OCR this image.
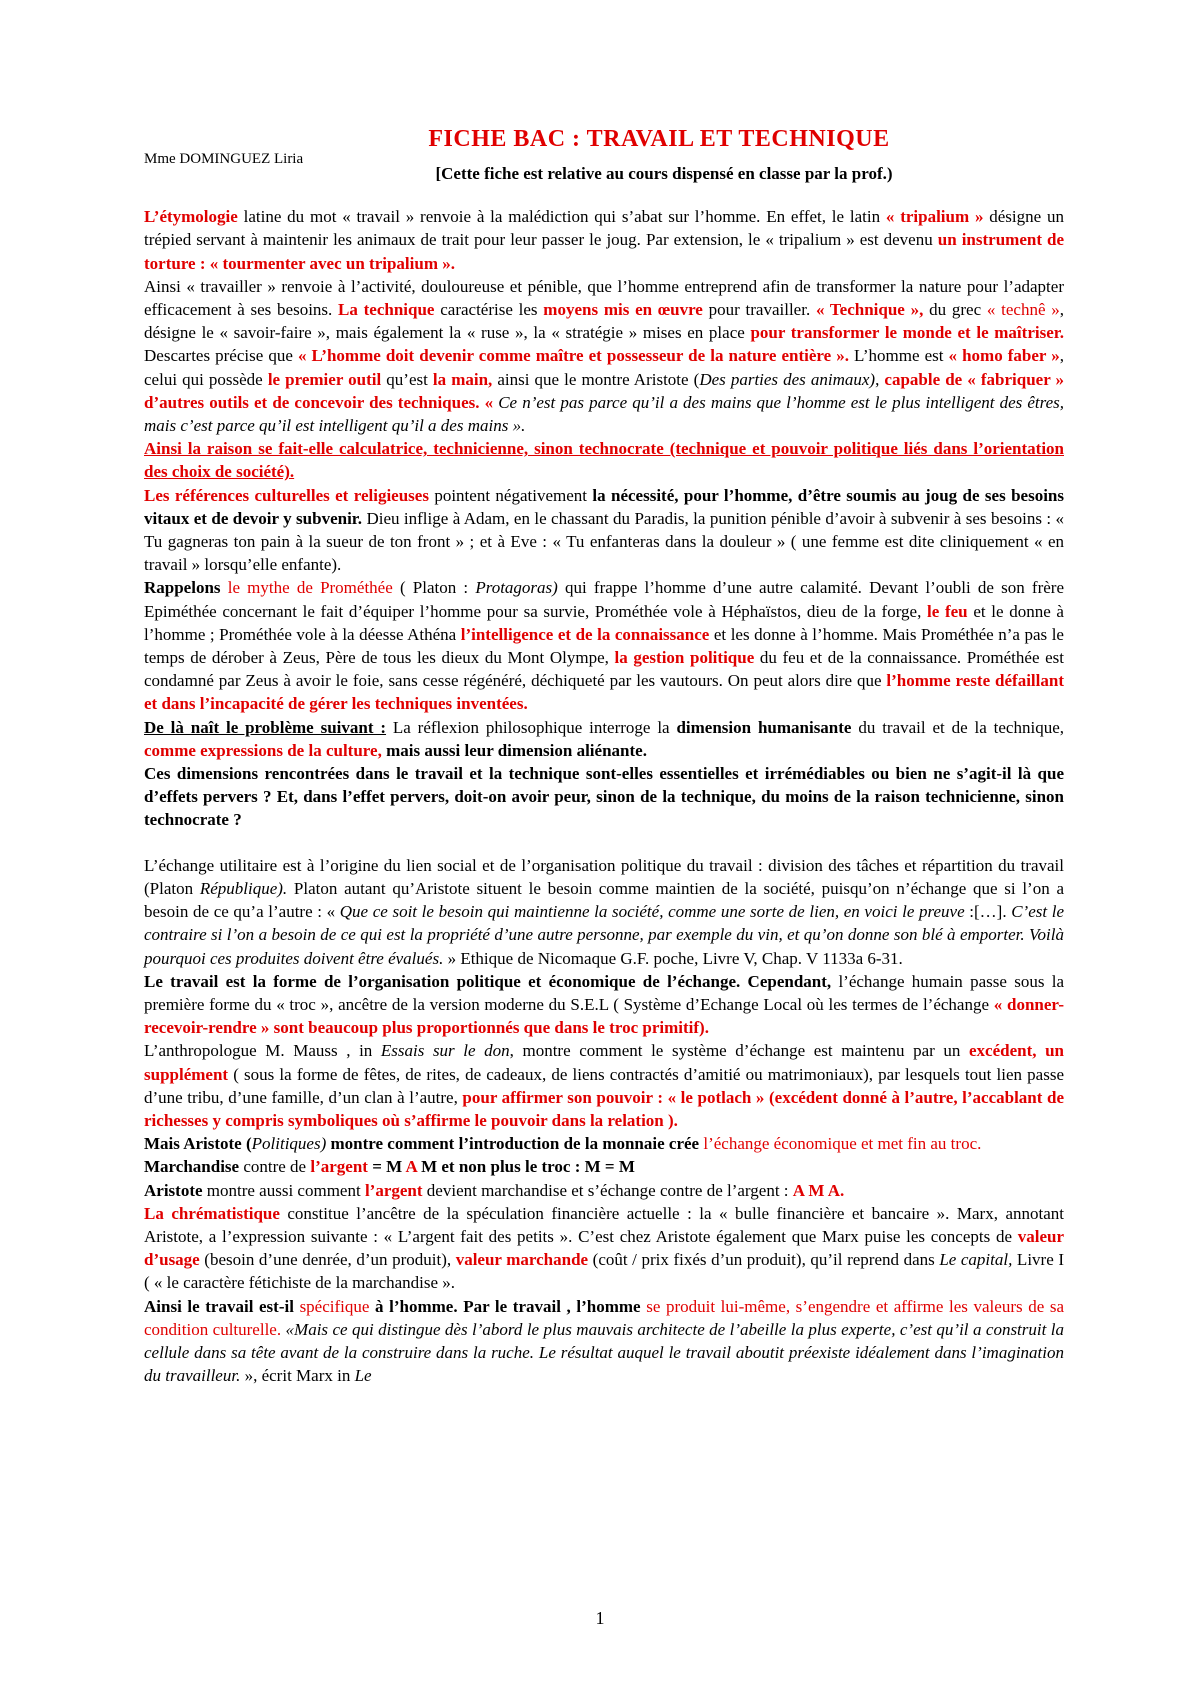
Mme DOMINGUEZ Liria
FICHE BAC : TRAVAIL ET TECHNIQUE
[Cette fiche est relative au cours dispensé en classe par la prof.)

L’étymologie latine du mot « travail » renvoie à la malédiction qui s’abat sur l’homme. En effet, le latin « tripalium » désigne un trépied servant à maintenir les animaux de trait pour leur passer le joug. Par extension, le « tripalium » est devenu un instrument de torture : « tourmenter avec un tripalium ».

Ainsi « travailler » renvoie à l’activité, douloureuse et pénible, que l’homme entreprend afin de transformer la nature pour l’adapter efficacement à ses besoins. La technique caractérise les moyens mis en œuvre pour travailler. « Technique », du grec « technê », désigne le « savoir-faire », mais également la « ruse », la « stratégie » mises en place pour transformer le monde et le maîtriser. Descartes précise que « L’homme doit devenir comme maître et possesseur de la nature entière ». L’homme est « homo faber », celui qui possède le premier outil qu’est la main, ainsi que le montre Aristote (Des parties des animaux), capable de « fabriquer » d’autres outils et de concevoir des techniques. « Ce n’est pas parce qu’il a des mains que l’homme est le plus intelligent des êtres, mais c’est parce qu’il est intelligent qu’il a des mains ».

Ainsi la raison se fait-elle calculatrice, technicienne, sinon technocrate (technique et pouvoir politique liés dans l’orientation des choix de société).

Les références culturelles et religieuses pointent négativement la nécessité, pour l’homme, d’être soumis au joug de ses besoins vitaux et de devoir y subvenir. Dieu inflige à Adam, en le chassant du Paradis, la punition pénible d’avoir à subvenir à ses besoins : « Tu gagneras ton pain à la sueur de ton front » ; et à Eve : « Tu enfanteras dans la douleur » ( une femme est dite cliniquement « en travail » lorsqu’elle enfante).

Rappelons le mythe de Prométhée ( Platon : Protagoras) qui frappe l’homme d’une autre calamité. Devant l’oubli de son frère Epiméthée concernant le fait d’équiper l’homme pour sa survie, Prométhée vole à Héphaïstos, dieu de la forge, le feu et le donne à l’homme ; Prométhée vole à la déesse Athéna l’intelligence et de la connaissance et les donne à l’homme. Mais Prométhée n’a pas le temps de dérober à Zeus, Père de tous les dieux du Mont Olympe, la gestion politique du feu et de la connaissance. Prométhée est condamné par Zeus à avoir le foie, sans cesse régénéré, déchiqueté par les vautours. On peut alors dire que l’homme reste défaillant et dans l’incapacité de gérer les techniques inventées.

De là naît le problème suivant : La réflexion philosophique interroge la dimension humanisante du travail et de la technique, comme expressions de la culture, mais aussi leur dimension aliénante.

Ces dimensions rencontrées dans le travail et la technique sont-elles essentielles et irrémédiables ou bien ne s’agit-il là que d’effets pervers ? Et, dans l’effet pervers, doit-on avoir peur, sinon de la technique, du moins de la raison technicienne, sinon technocrate ?

L’échange utilitaire est à l’origine du lien social et de l’organisation politique du travail : division des tâches et répartition du travail (Platon République). Platon autant qu’Aristote situent le besoin comme maintien de la société, puisqu’on n’échange que si l’on a besoin de ce qu’a l’autre : « Que ce soit le besoin qui maintienne la société, comme une sorte de lien, en voici le preuve :[…]. C’est le contraire si l’on a besoin de ce qui est la propriété d’une autre personne, par exemple du vin, et qu’on donne son blé à emporter. Voilà pourquoi ces produites doivent être évalués. » Ethique de Nicomaque G.F. poche, Livre V, Chap. V 1133a 6-31.

Le travail est la forme de l’organisation politique et économique de l’échange. Cependant, l’échange humain passe sous la première forme du « troc », ancêtre de la version moderne du S.E.L ( Système d’Echange Local où les termes de l’échange « donner-recevoir-rendre » sont beaucoup plus proportionnés que dans le troc primitif).

L’anthropologue M. Mauss , in Essais sur le don, montre comment le système d’échange est maintenu par un excédent, un supplément ( sous la forme de fêtes, de rites, de cadeaux, de liens contractés d’amitié ou matrimoniaux), par lesquels tout lien passe d’une tribu, d’une famille, d’un clan à l’autre, pour affirmer son pouvoir : « le potlach » (excédent donné à l’autre, l’accablant de richesses y compris symboliques où s’affirme le pouvoir dans la relation ).

Mais Aristote (Politiques) montre comment l’introduction de la monnaie crée l’échange économique et met fin au troc.

Marchandise contre de l’argent = M A M et non plus le troc : M = M

Aristote montre aussi comment l’argent devient marchandise et s’échange contre de l’argent : A M A.

La chrématistique constitue l’ancêtre de la spéculation financière actuelle : la « bulle financière et bancaire ». Marx, annotant Aristote, a l’expression suivante : « L’argent fait des petits ». C’est chez Aristote également que Marx puise les concepts de valeur d’usage (besoin d’une denrée, d’un produit), valeur marchande (coût / prix fixés d’un produit), qu’il reprend dans Le capital, Livre I ( « le caractère fétichiste de la marchandise ».

Ainsi le travail est-il spécifique à l’homme. Par le travail , l’homme se produit lui-même, s’engendre et affirme les valeurs de sa condition culturelle. «Mais ce qui distingue dès l’abord le plus mauvais architecte de l’abeille la plus experte, c’est qu’il a construit la cellule dans sa tête avant de la construire dans la ruche. Le résultat auquel le travail aboutit préexiste idéalement dans l’imagination du travailleur. », écrit Marx in Le

1
